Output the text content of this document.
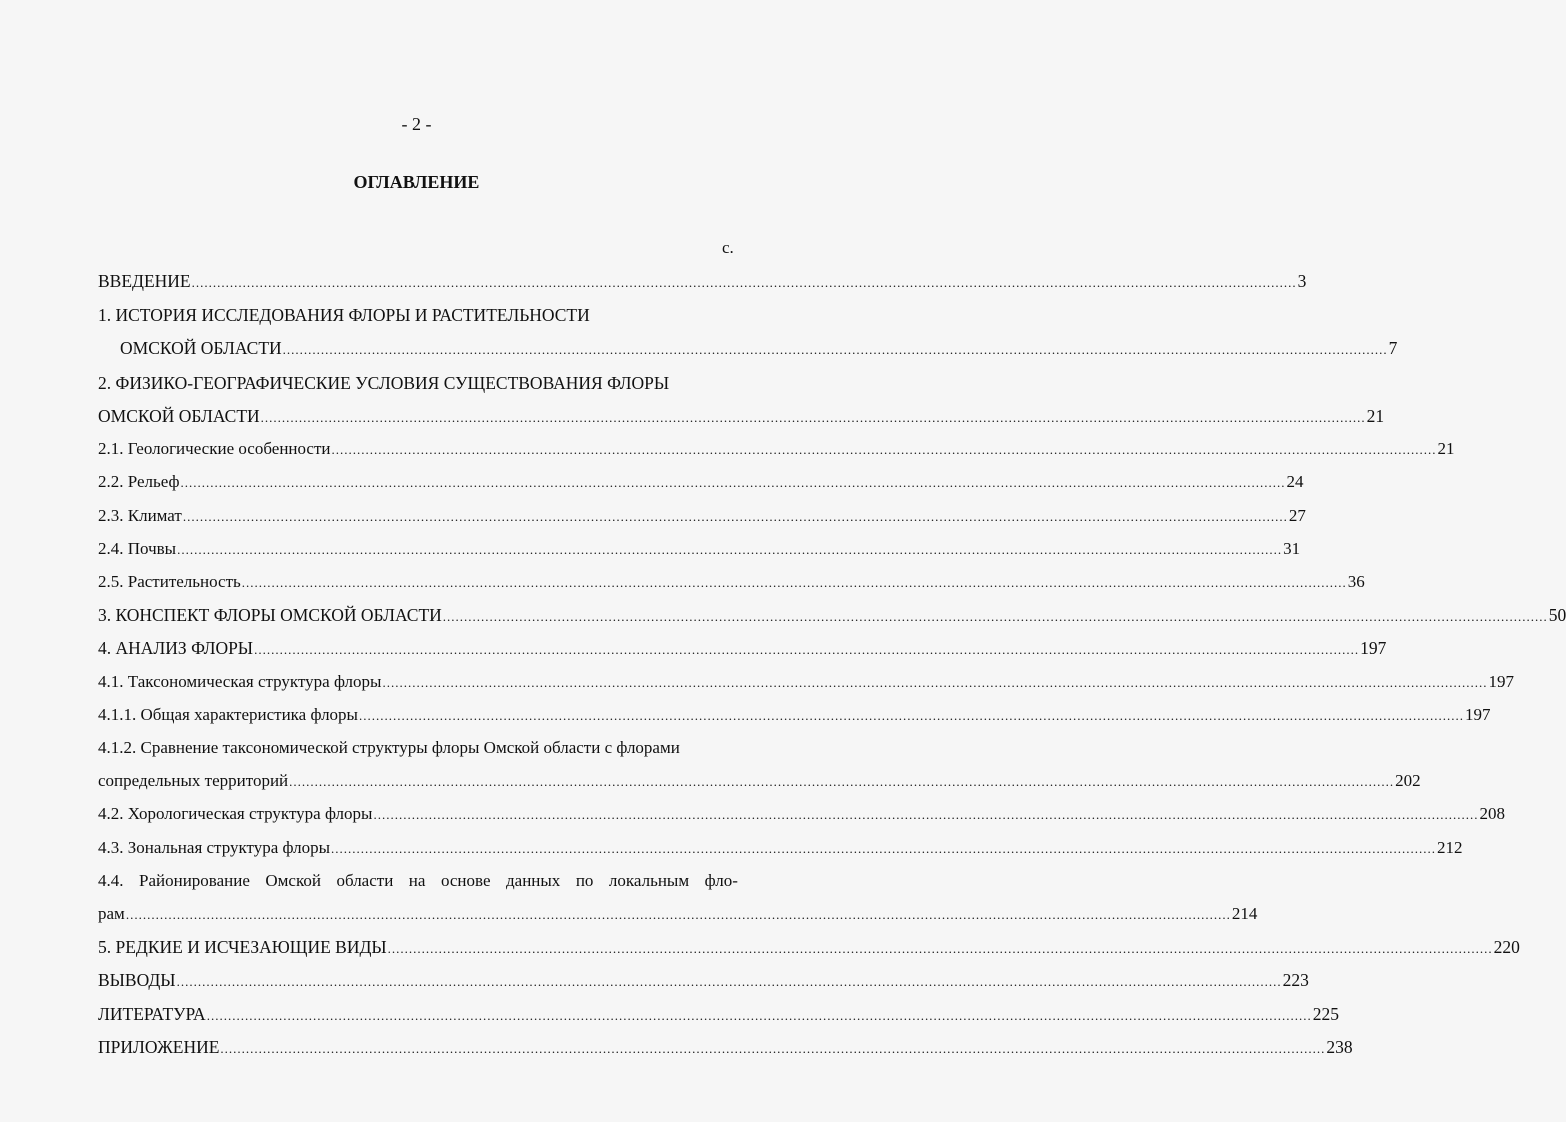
- 2 -
ОГЛАВЛЕНИЕ
с.
ВВЕДЕНИЕ .................................................................................................................................................................................................................................................................... 3
1. ИСТОРИЯ ИССЛЕДОВАНИЯ ФЛОРЫ И РАСТИТЕЛЬНОСТИ
ОМСКОЙ ОБЛАСТИ .................................................................................................................................................................................................................................................................... 7
2. ФИЗИКО-ГЕОГРАФИЧЕСКИЕ УСЛОВИЯ СУЩЕСТВОВАНИЯ ФЛОРЫ
ОМСКОЙ ОБЛАСТИ .................................................................................................................................................................................................................................................................... 21
2.1. Геологические особенности .................................................................................................................................................................................................................................................................... 21
2.2. Рельеф .................................................................................................................................................................................................................................................................... 24
2.3. Климат .................................................................................................................................................................................................................................................................... 27
2.4. Почвы .................................................................................................................................................................................................................................................................... 31
2.5. Растительность .................................................................................................................................................................................................................................................................... 36
3. КОНСПЕКТ ФЛОРЫ ОМСКОЙ ОБЛАСТИ .................................................................................................................................................................................................................................................................... 50
4. АНАЛИЗ ФЛОРЫ .................................................................................................................................................................................................................................................................... 197
4.1. Таксономическая структура флоры .................................................................................................................................................................................................................................................................... 197
4.1.1. Общая характеристика флоры .................................................................................................................................................................................................................................................................... 197
4.1.2. Сравнение таксономической структуры флоры Омской области с флорами
сопредельных территорий .................................................................................................................................................................................................................................................................... 202
4.2. Хорологическая структура флоры .................................................................................................................................................................................................................................................................... 208
4.3. Зональная структура флоры .................................................................................................................................................................................................................................................................... 212
4.4. Районирование Омской области на основе данных по локальным фло-
рам .................................................................................................................................................................................................................................................................... 214
5. РЕДКИЕ И ИСЧЕЗАЮЩИЕ ВИДЫ .................................................................................................................................................................................................................................................................... 220
ВЫВОДЫ .................................................................................................................................................................................................................................................................... 223
ЛИТЕРАТУРА .................................................................................................................................................................................................................................................................... 225
ПРИЛОЖЕНИЕ .................................................................................................................................................................................................................................................................... 238
